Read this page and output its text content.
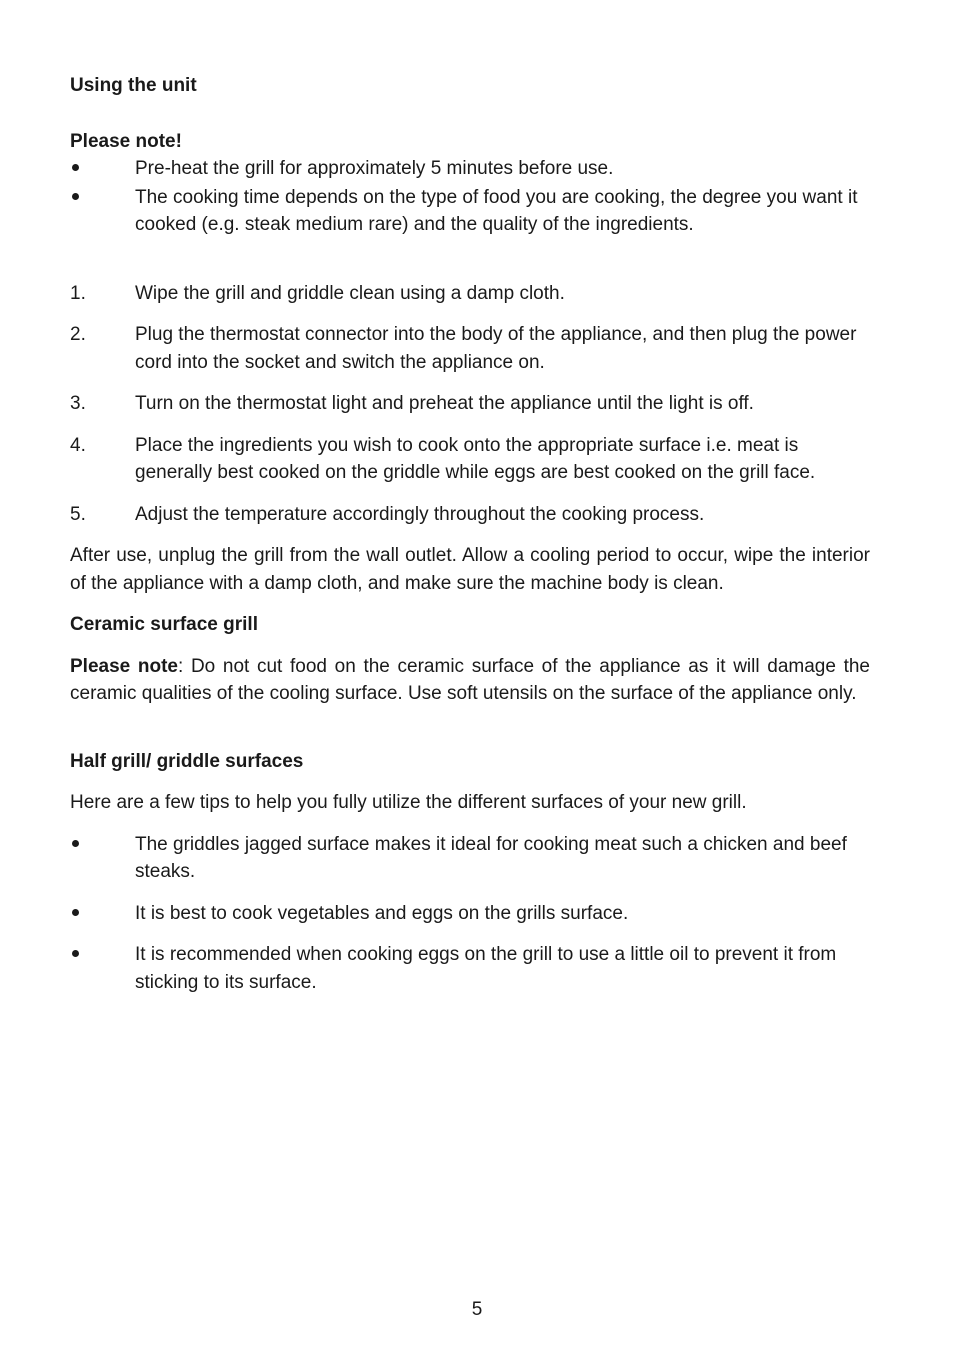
Using the unit

Please note!

Pre-heat the grill for approximately 5 minutes before use.
The cooking time depends on the type of food you are cooking, the degree you want it cooked (e.g. steak medium rare) and the quality of the ingredients.
1.	Wipe the grill and griddle clean using a damp cloth.
2.	Plug the thermostat connector into the body of the appliance, and then plug the power cord into the socket and switch the appliance on.
3.	Turn on the thermostat light and preheat the appliance until the light is off.
4.	Place the ingredients you wish to cook onto the appropriate surface i.e. meat is generally best cooked on the griddle while eggs are best cooked on the grill face.
5.	Adjust the temperature accordingly throughout the cooking process.

After use, unplug the grill from the wall outlet. Allow a cooling period to occur, wipe the interior of the appliance with a damp cloth, and make sure the machine body is clean.

Ceramic surface grill

Please note: Do not cut food on the ceramic surface of the appliance as it will damage the ceramic qualities of the cooling surface. Use soft utensils on the surface of the appliance only.

Half grill/ griddle surfaces

Here are a few tips to help you fully utilize the different surfaces of your new grill.

The griddles jagged surface makes it ideal for cooking meat such a chicken and beef steaks.
It is best to cook vegetables and eggs on the grills surface.
It is recommended when cooking eggs on the grill to use a little oil to prevent it from sticking to its surface.
5
